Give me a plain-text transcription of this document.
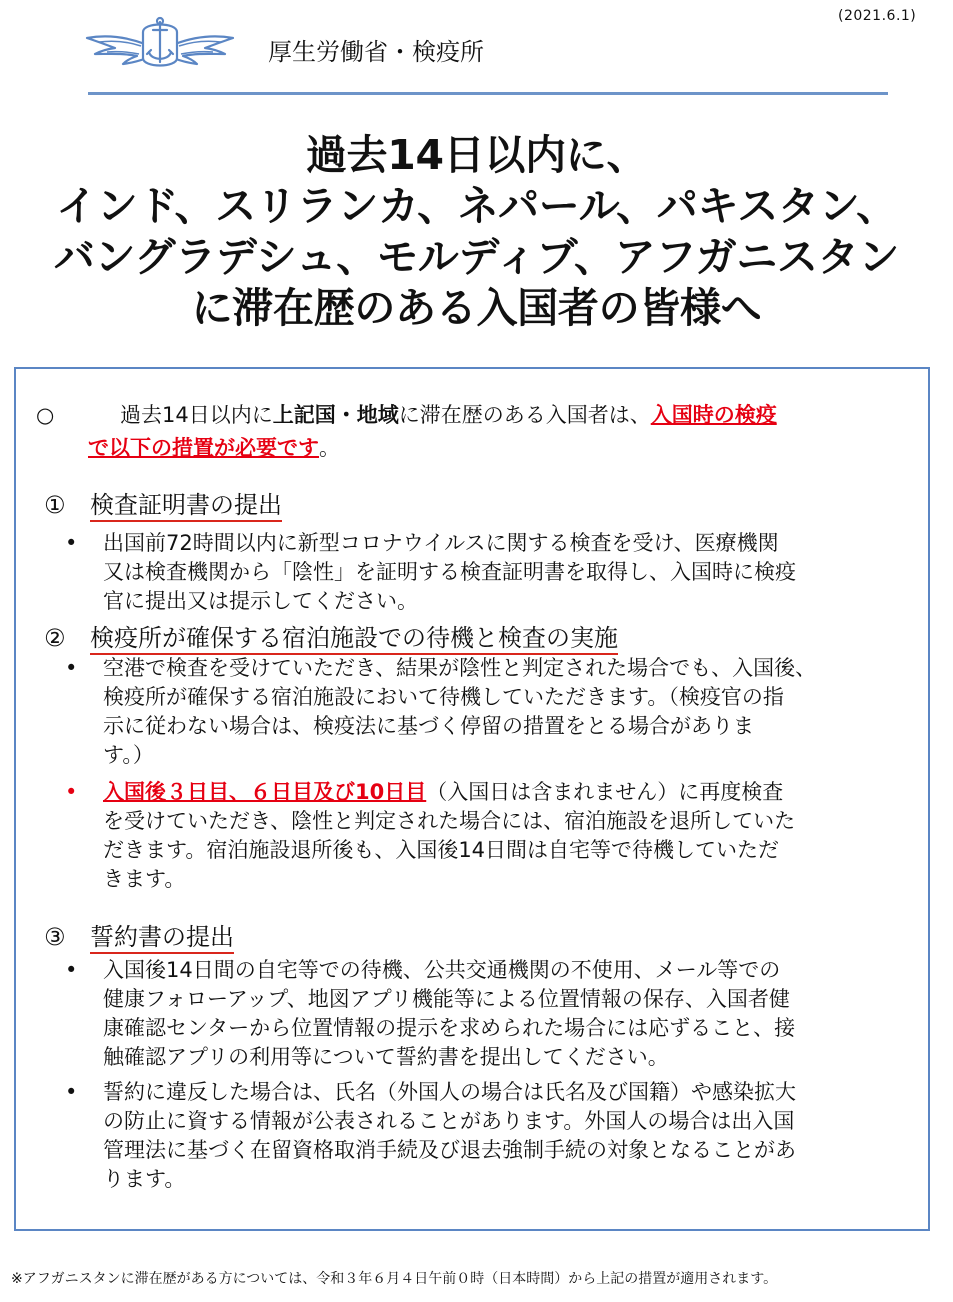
(2021.6.1)
厚生労働省・検疫所
過去14日以内に、
インド、スリランカ、ネパール、パキスタン、
バングラデシュ、モルディブ、アフガニスタン
に滞在歴のある入国者の皆様へ
○	過去14日以内に上記国・地域に滞在歴のある入国者は、入国時の検疫
で以下の措置が必要です。
① 検査証明書の提出
• 出国前72時間以内に新型コロナウイルスに関する検査を受け、医療機関
又は検査機関から「陰性」を証明する検査証明書を取得し、入国時に検疫
官に提出又は提示してください。
② 検疫所が確保する宿泊施設での待機と検査の実施
• 空港で検査を受けていただき、結果が陰性と判定された場合でも、入国後、
検疫所が確保する宿泊施設において待機していただきます。（検疫官の指
示に従わない場合は、検疫法に基づく停留の措置をとる場合がありま
す。）
• 入国後３日目、６日目及び10日目（入国日は含まれません）に再度検査
を受けていただき、陰性と判定された場合には、宿泊施設を退所していた
だきます。宿泊施設退所後も、入国後14日間は自宅等で待機していただ
きます。
③ 誓約書の提出
• 入国後14日間の自宅等での待機、公共交通機関の不使用、メール等での
健康フォローアップ、地図アプリ機能等による位置情報の保存、入国者健
康確認センターから位置情報の提示を求められた場合には応ずること、接
触確認アプリの利用等について誓約書を提出してください。
• 誓約に違反した場合は、氏名（外国人の場合は氏名及び国籍）や感染拡大
の防止に資する情報が公表されることがあります。外国人の場合は出入国
管理法に基づく在留資格取消手続及び退去強制手続の対象となることがあ
ります。
※アフガニスタンに滞在歴がある方については、令和３年６月４日午前０時（日本時間）から上記の措置が適用されます。
